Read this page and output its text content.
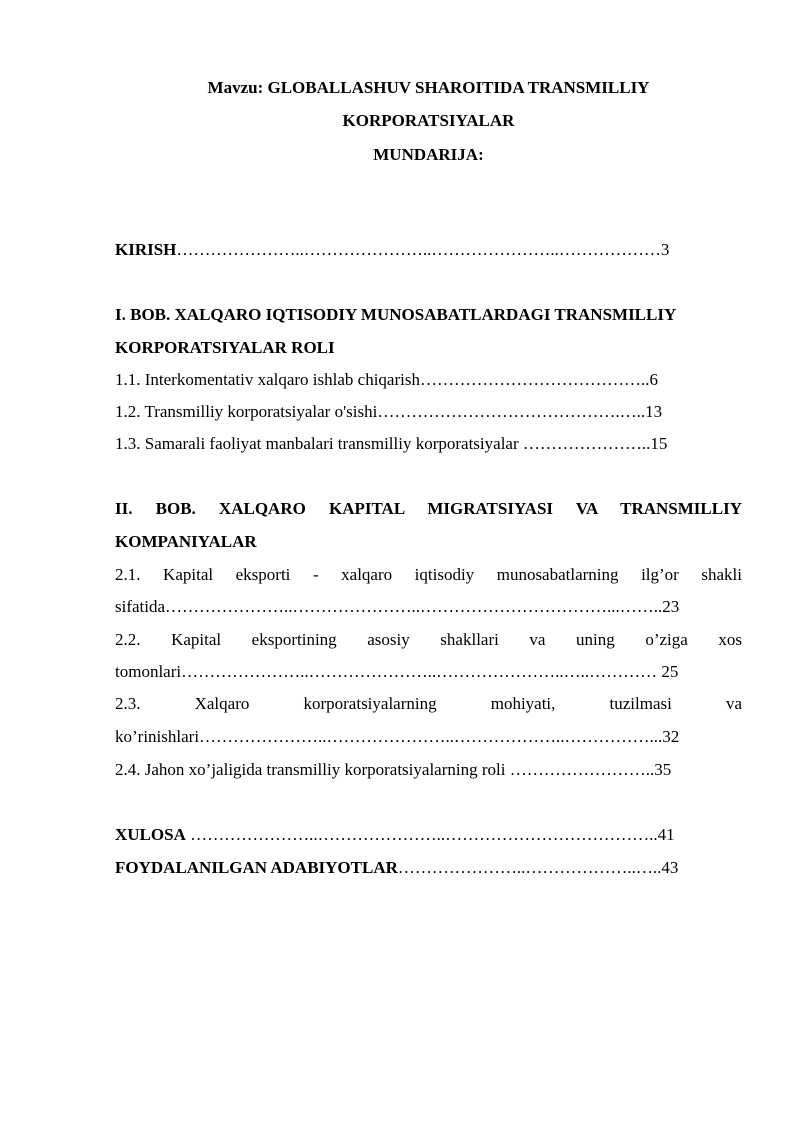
Mavzu: GLOBALLASHUV SHAROITIDA TRANSMILLIY
KORPORATSIYALAR
MUNDARIJA:
KIRISH…………………..…………………..…………………..………………3
I. BOB. XALQARO IQTISODIY MUNOSABATLARDAGI TRANSMILLIY
KORPORATSIYALAR ROLI
1.1. Interkomentativ xalqaro ishlab chiqarish…………………………………..6
1.2. Transmilliy korporatsiyalar o'sishi…………………………………….…..13
1.3. Samarali faoliyat manbalari transmilliy korporatsiyalar …………………..15
II. BOB. XALQARO KAPITAL MIGRATSIYASI VA TRANSMILLIY
KOMPANIYALAR
2.1. Kapital eksporti - xalqaro iqtisodiy munosabatlarning ilg’or shakli
sifatida…………………..…………………..……………………………...……..23
2.2. Kapital eksportining asosiy shakllari va uning o’ziga xos
tomonlari…………………..…………………..…………………..…..………… 25
2.3. Xalqaro korporatsiyalarning mohiyati, tuzilmasi va
ko’rinishlari…………………..…………………..………………..……………...32
2.4. Jahon xo’jaligida transmilliy korporatsiyalarning roli ……………………..35
XULOSA …………………..…………………..………………………………..41
FOYDALANILGAN ADABIYOTLAR…………………..………………..…..43
